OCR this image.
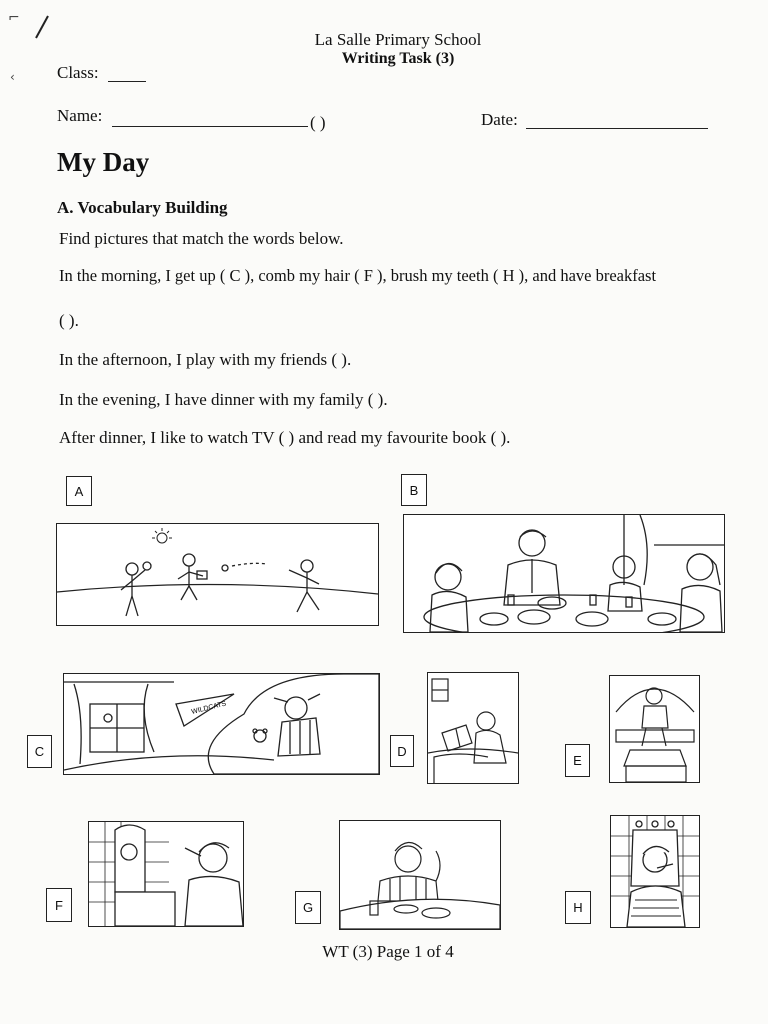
⌐
‹
La Salle Primary School
Writing Task (3)
Class:
Name:	( )	Date:
My Day
A. Vocabulary Building
Find pictures that match the words below.
In the morning, I get up ( C ), comb my hair ( F ), brush my teeth ( H ), and have breakfast
( ).
In the afternoon, I play with my friends ( ).
In the evening, I have dinner with my family ( ).
After dinner, I like to watch TV ( ) and read my favourite book ( ).
A	B
C	D
E
F	G	H
WILDCATS
WT (3) Page 1 of 4
